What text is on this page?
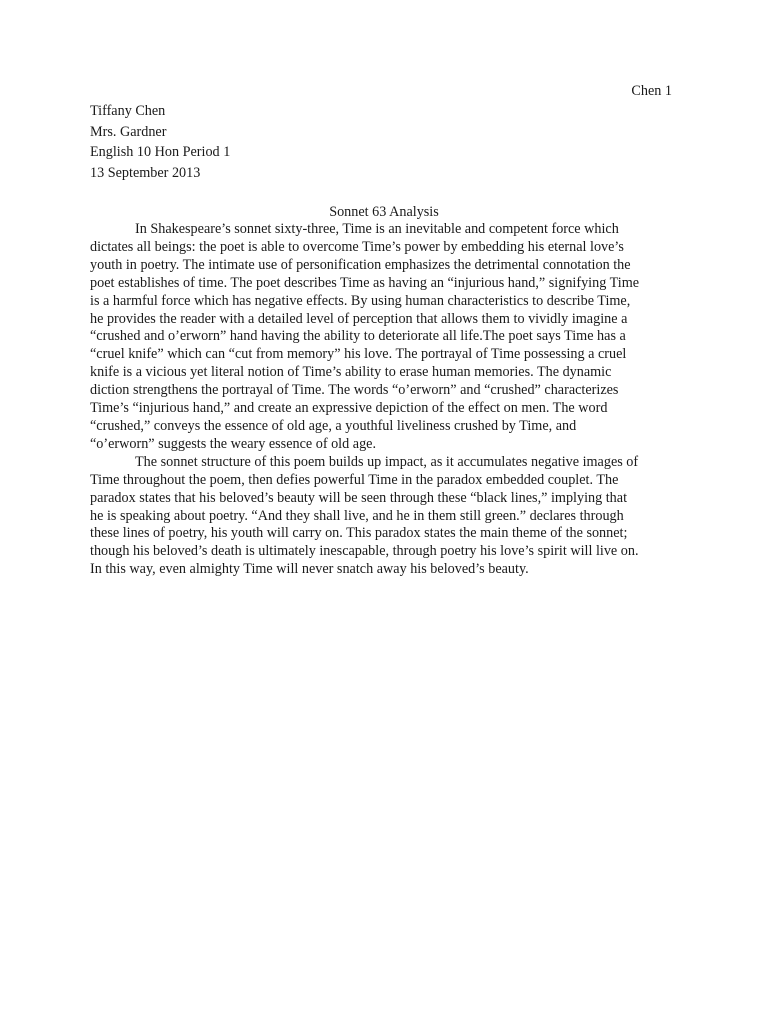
Chen 1
Tiffany Chen
Mrs. Gardner
English 10 Hon Period 1
13 September 2013
Sonnet 63 Analysis
In Shakespeare’s sonnet sixty-three, Time is an inevitable and competent force which
dictates all beings: the poet is able to overcome Time’s power by embedding his eternal love’s
youth in poetry. The intimate use of personification emphasizes the detrimental connotation the
poet establishes of time. The poet describes Time as having an “injurious hand,” signifying Time
is a harmful force which has negative effects. By using human characteristics to describe Time,
he provides the reader with a detailed level of perception that allows them to vividly imagine a
“crushed and o’erworn” hand having the ability to deteriorate all life.The poet says Time has a
“cruel knife” which can “cut from memory” his love. The portrayal of Time possessing a cruel
knife is a vicious yet literal notion of Time’s ability to erase human memories. The dynamic
diction strengthens the portrayal of Time. The words “o’erworn” and “crushed” characterizes
Time’s “injurious hand,” and create an expressive depiction of the effect on men. The word
“crushed,” conveys the essence of old age, a youthful liveliness crushed by Time, and
“o’erworn” suggests the weary essence of old age.
The sonnet structure of this poem builds up impact, as it accumulates negative images of
Time throughout the poem, then defies powerful Time in the paradox embedded couplet. The
paradox states that his beloved’s beauty will be seen through these “black lines,” implying that
he is speaking about poetry. “And they shall live, and he in them still green.” declares through
these lines of poetry, his youth will carry on. This paradox states the main theme of the sonnet;
though his beloved’s death is ultimately inescapable, through poetry his love’s spirit will live on.
In this way, even almighty Time will never snatch away his beloved’s beauty.
